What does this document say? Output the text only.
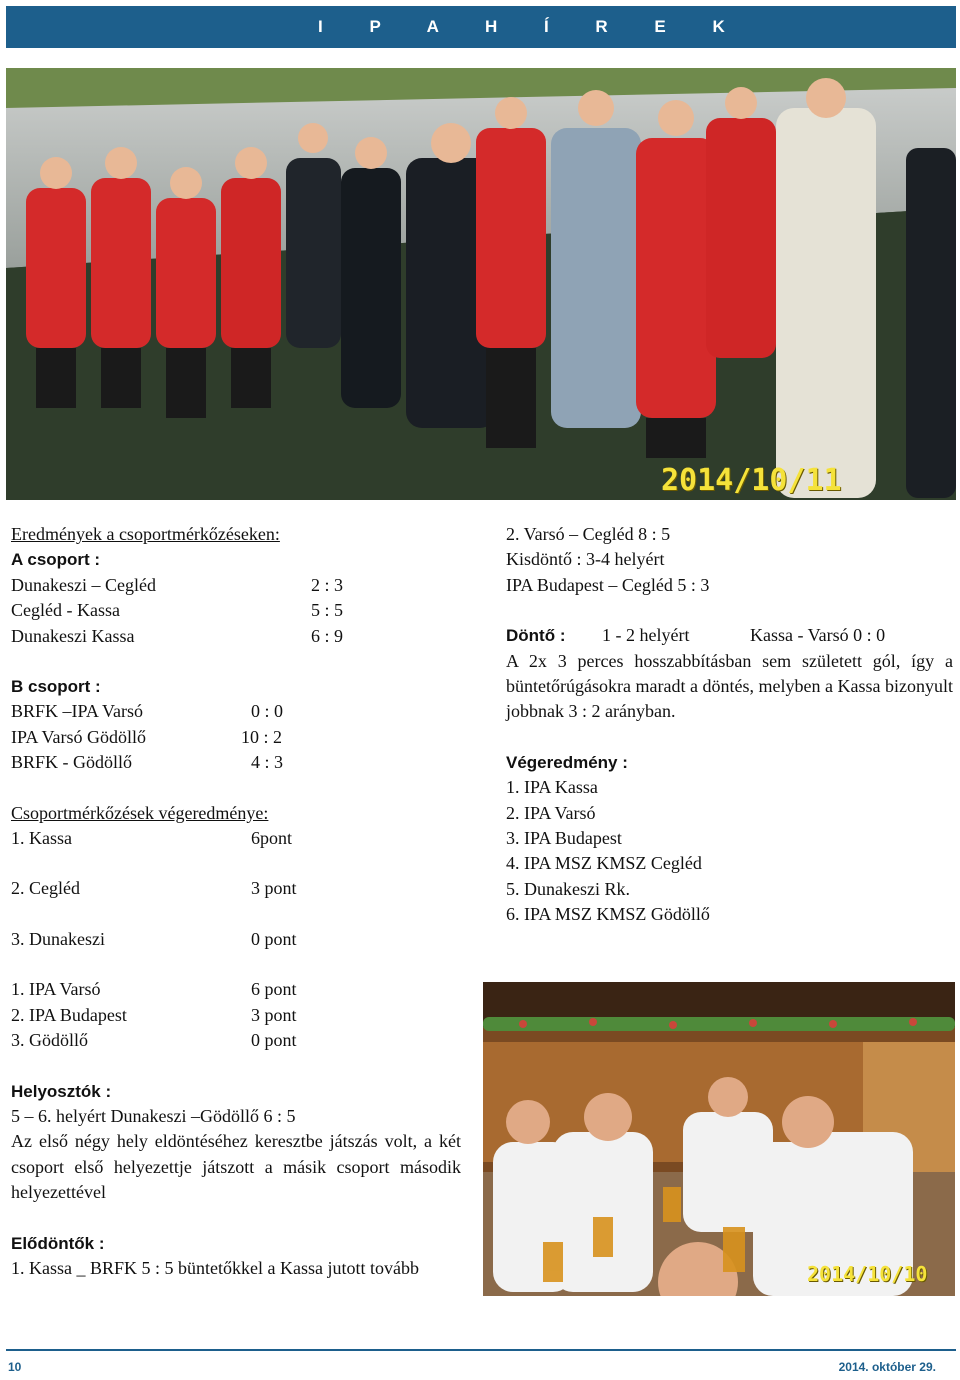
I P A H Í R E K
2014/10/11
Eredmények a csoportmérkőzéseken:
A csoport :
Dunakeszi – Cegléd	2 : 3
Cegléd - Kassa	5 : 5
Dunakeszi Kassa	6 : 9
B csoport :
BRFK –IPA Varsó	0 : 0
IPA Varsó Gödöllő	10 : 2
BRFK - Gödöllő	4 : 3
Csoportmérkőzések végeredménye:
1. Kassa	6pont
2. Cegléd	3 pont
3. Dunakeszi	0 pont
1. IPA Varsó	6 pont
2. IPA Budapest	3 pont
3. Gödöllő	0 pont
Helyosztók :
5 – 6. helyért Dunakeszi –Gödöllő 6 : 5
Az első négy hely eldöntéséhez keresztbe játszás volt, a két csoport első helyezettje játszott a másik csoport második helyezettével
Elődöntők :
1. Kassa _ BRFK 5 : 5 büntetőkkel a Kassa jutott tovább
2. Varsó – Cegléd 8 : 5
Kisdöntő : 3-4 helyért
IPA Budapest – Cegléd 5 : 3
Döntő :	1 - 2 helyért	Kassa - Varsó 0 : 0
A 2x 3 perces hosszabbításban sem született gól, így a büntetőrúgásokra maradt a döntés, melyben a Kassa bizonyult jobbnak 3 : 2 arányban.
Végeredmény :
1. IPA Kassa
2. IPA Varsó
3. IPA Budapest
4. IPA MSZ KMSZ Cegléd
5. Dunakeszi Rk.
6. IPA MSZ KMSZ Gödöllő
2014/10/10
10	2014. október 29.
